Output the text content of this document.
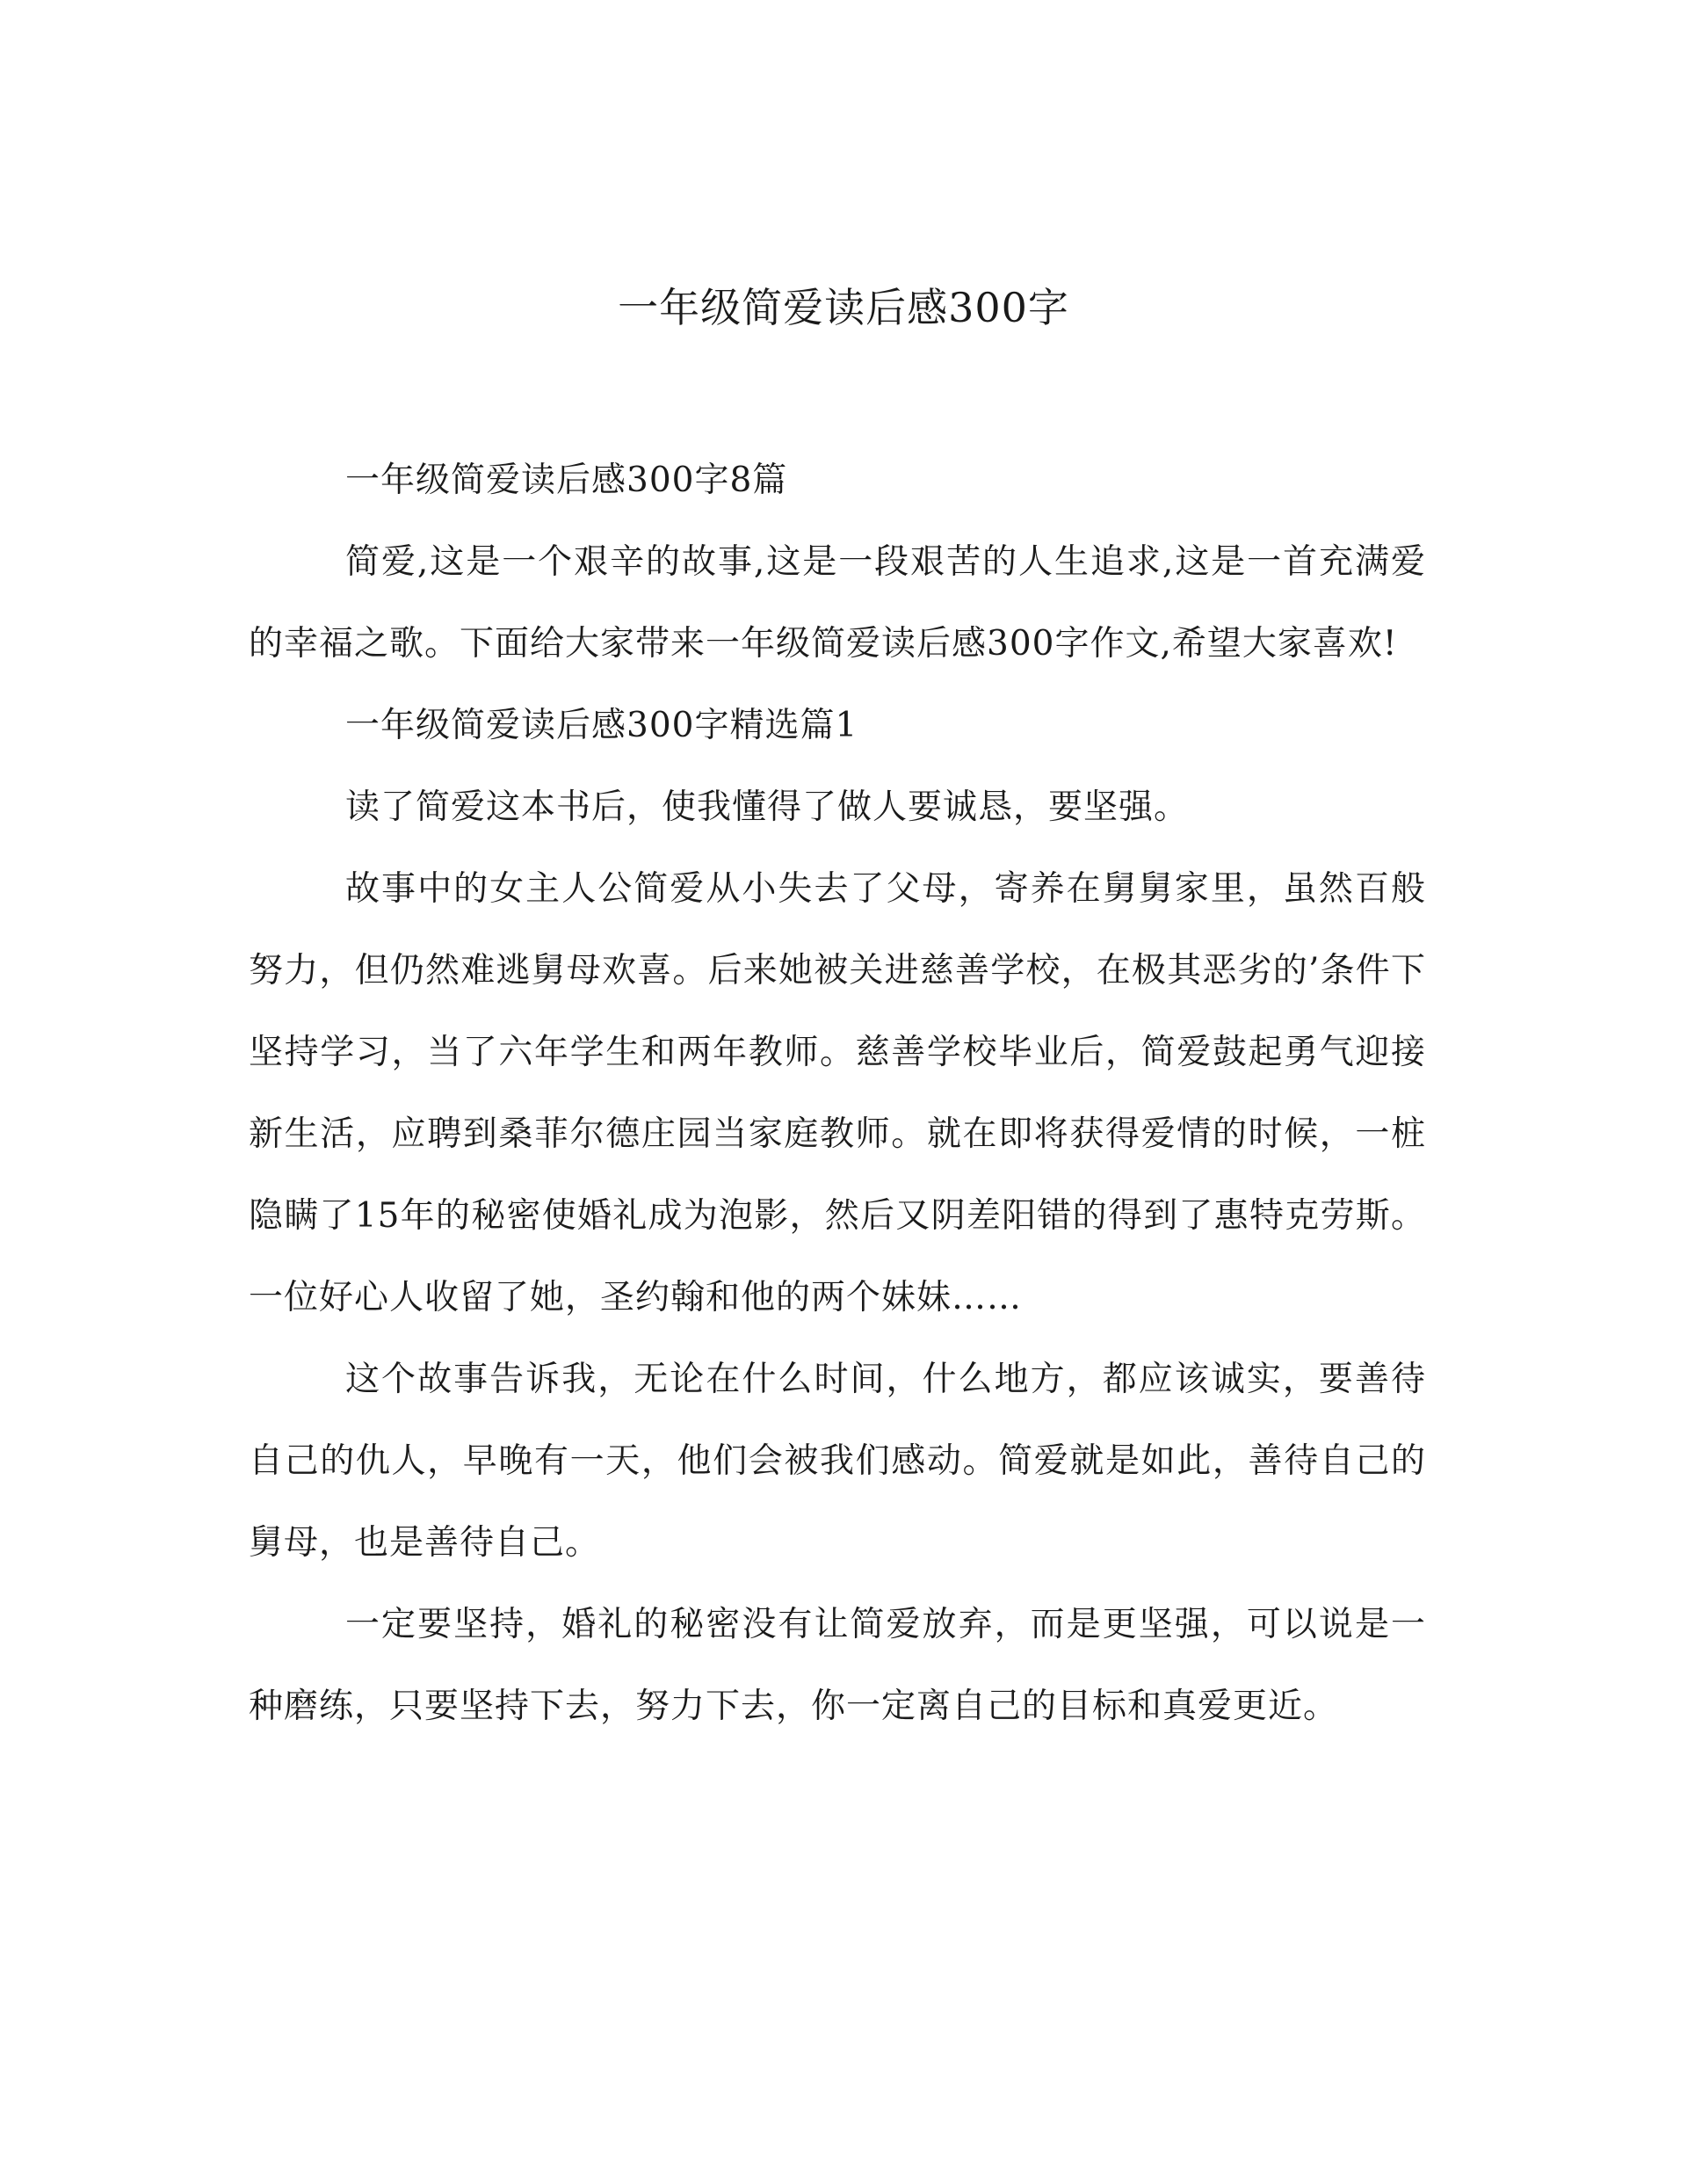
一年级简爱读后感300字

一年级简爱读后感300字8篇

简爱,这是一个艰辛的故事,这是一段艰苦的人生追求,这是一首充满爱的幸福之歌。下面给大家带来一年级简爱读后感300字作文,希望大家喜欢!

一年级简爱读后感300字精选篇1

读了简爱这本书后，使我懂得了做人要诚恳，要坚强。

故事中的女主人公简爱从小失去了父母，寄养在舅舅家里，虽然百般努力，但仍然难逃舅母欢喜。后来她被关进慈善学校，在极其恶劣的’条件下坚持学习，当了六年学生和两年教师。慈善学校毕业后，简爱鼓起勇气迎接新生活，应聘到桑菲尔德庄园当家庭教师。就在即将获得爱情的时候，一桩隐瞒了15年的秘密使婚礼成为泡影，然后又阴差阳错的得到了惠特克劳斯。一位好心人收留了她，圣约翰和他的两个妹妹……

这个故事告诉我，无论在什么时间，什么地方，都应该诚实，要善待自己的仇人，早晚有一天，他们会被我们感动。简爱就是如此，善待自己的舅母，也是善待自己。

一定要坚持，婚礼的秘密没有让简爱放弃，而是更坚强，可以说是一种磨练，只要坚持下去，努力下去，你一定离自己的目标和真爱更近。
